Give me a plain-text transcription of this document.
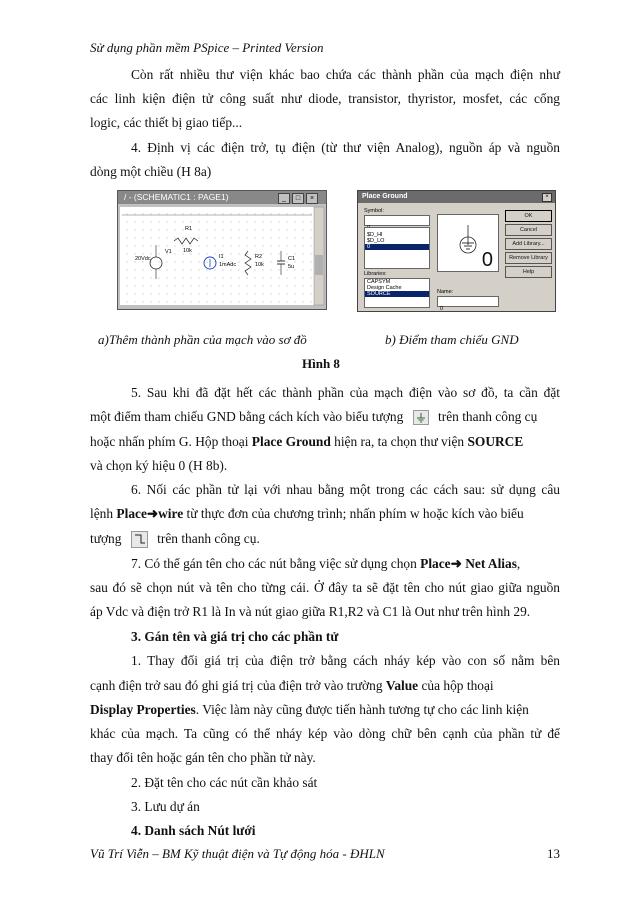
Sử dụng phần mềm PSpice – Printed Version
Còn rất nhiều thư viện khác bao chứa các thành phần của mạch điện như
các linh kiện điện tử công suất như diode, transistor, thyristor, mosfet, các cổng
logic, các thiết bị giao tiếp...
4. Định vị các điện trở, tụ điện (từ thư viện Analog), nguồn áp và nguồn
dòng một chiều (H 8a)
/ - (SCHEMATIC1 : PAGE1)	_	□	×
R1
10k
V1
20Vdc	I1
1mAdc
R2
10k
C1
5u
Place Ground	×
Symbol:
$D_HI
$D_LO
0
Libraries:
CAPSYM
Design Cache
SOURCE
0
Name:
0
OK
Cancel
Add Library...
Remove Library
Help
a)Thêm thành phần của mạch vào sơ đồ	b) Điểm tham chiếu GND
Hình 8
5. Sau khi đã đặt hết các thành phần của mạch điện vào sơ đồ, ta cần đặt
một điểm tham chiếu GND bằng cách kích vào biểu tượng	trên thanh công cụ
hoặc nhấn phím G. Hộp thoại Place Ground hiện ra, ta chọn thư viện SOURCE
và chọn ký hiệu 0 (H 8b).
6. Nối các phần tử lại với nhau bằng một trong các cách sau: sử dụng câu
lệnh Place➜wire từ thực đơn của chương trình; nhấn phím w hoặc kích vào biểu
tượng	trên thanh công cụ.
7. Có thể gán tên cho các nút bằng việc sử dụng chọn Place➜ Net Alias,
sau đó sẽ chọn nút và tên cho từng cái. Ở đây ta sẽ đặt tên cho nút giao giữa nguồn
áp Vdc và điện trở R1 là In và nút giao giữa R1,R2 và C1 là Out như trên hình 29.
3. Gán tên và giá trị cho các phần tử
1. Thay đổi giá trị của điện trở bằng cách nháy kép vào con số nằm bên
cạnh điện trở sau đó ghi giá trị của điện trở vào trường Value của hộp thoại
Display Properties. Việc làm này cũng được tiến hành tương tự cho các linh kiện
khác của mạch. Ta cũng có thể nháy kép vào dòng chữ bên cạnh của phần tử để
thay đổi tên hoặc gán tên cho phần tử này.
2. Đặt tên cho các nút cần khảo sát
3. Lưu dự án
4. Danh sách Nút lưới
Vũ Trí Viễn – BM Kỹ thuật điện và Tự động hóa - ĐHLN	13
